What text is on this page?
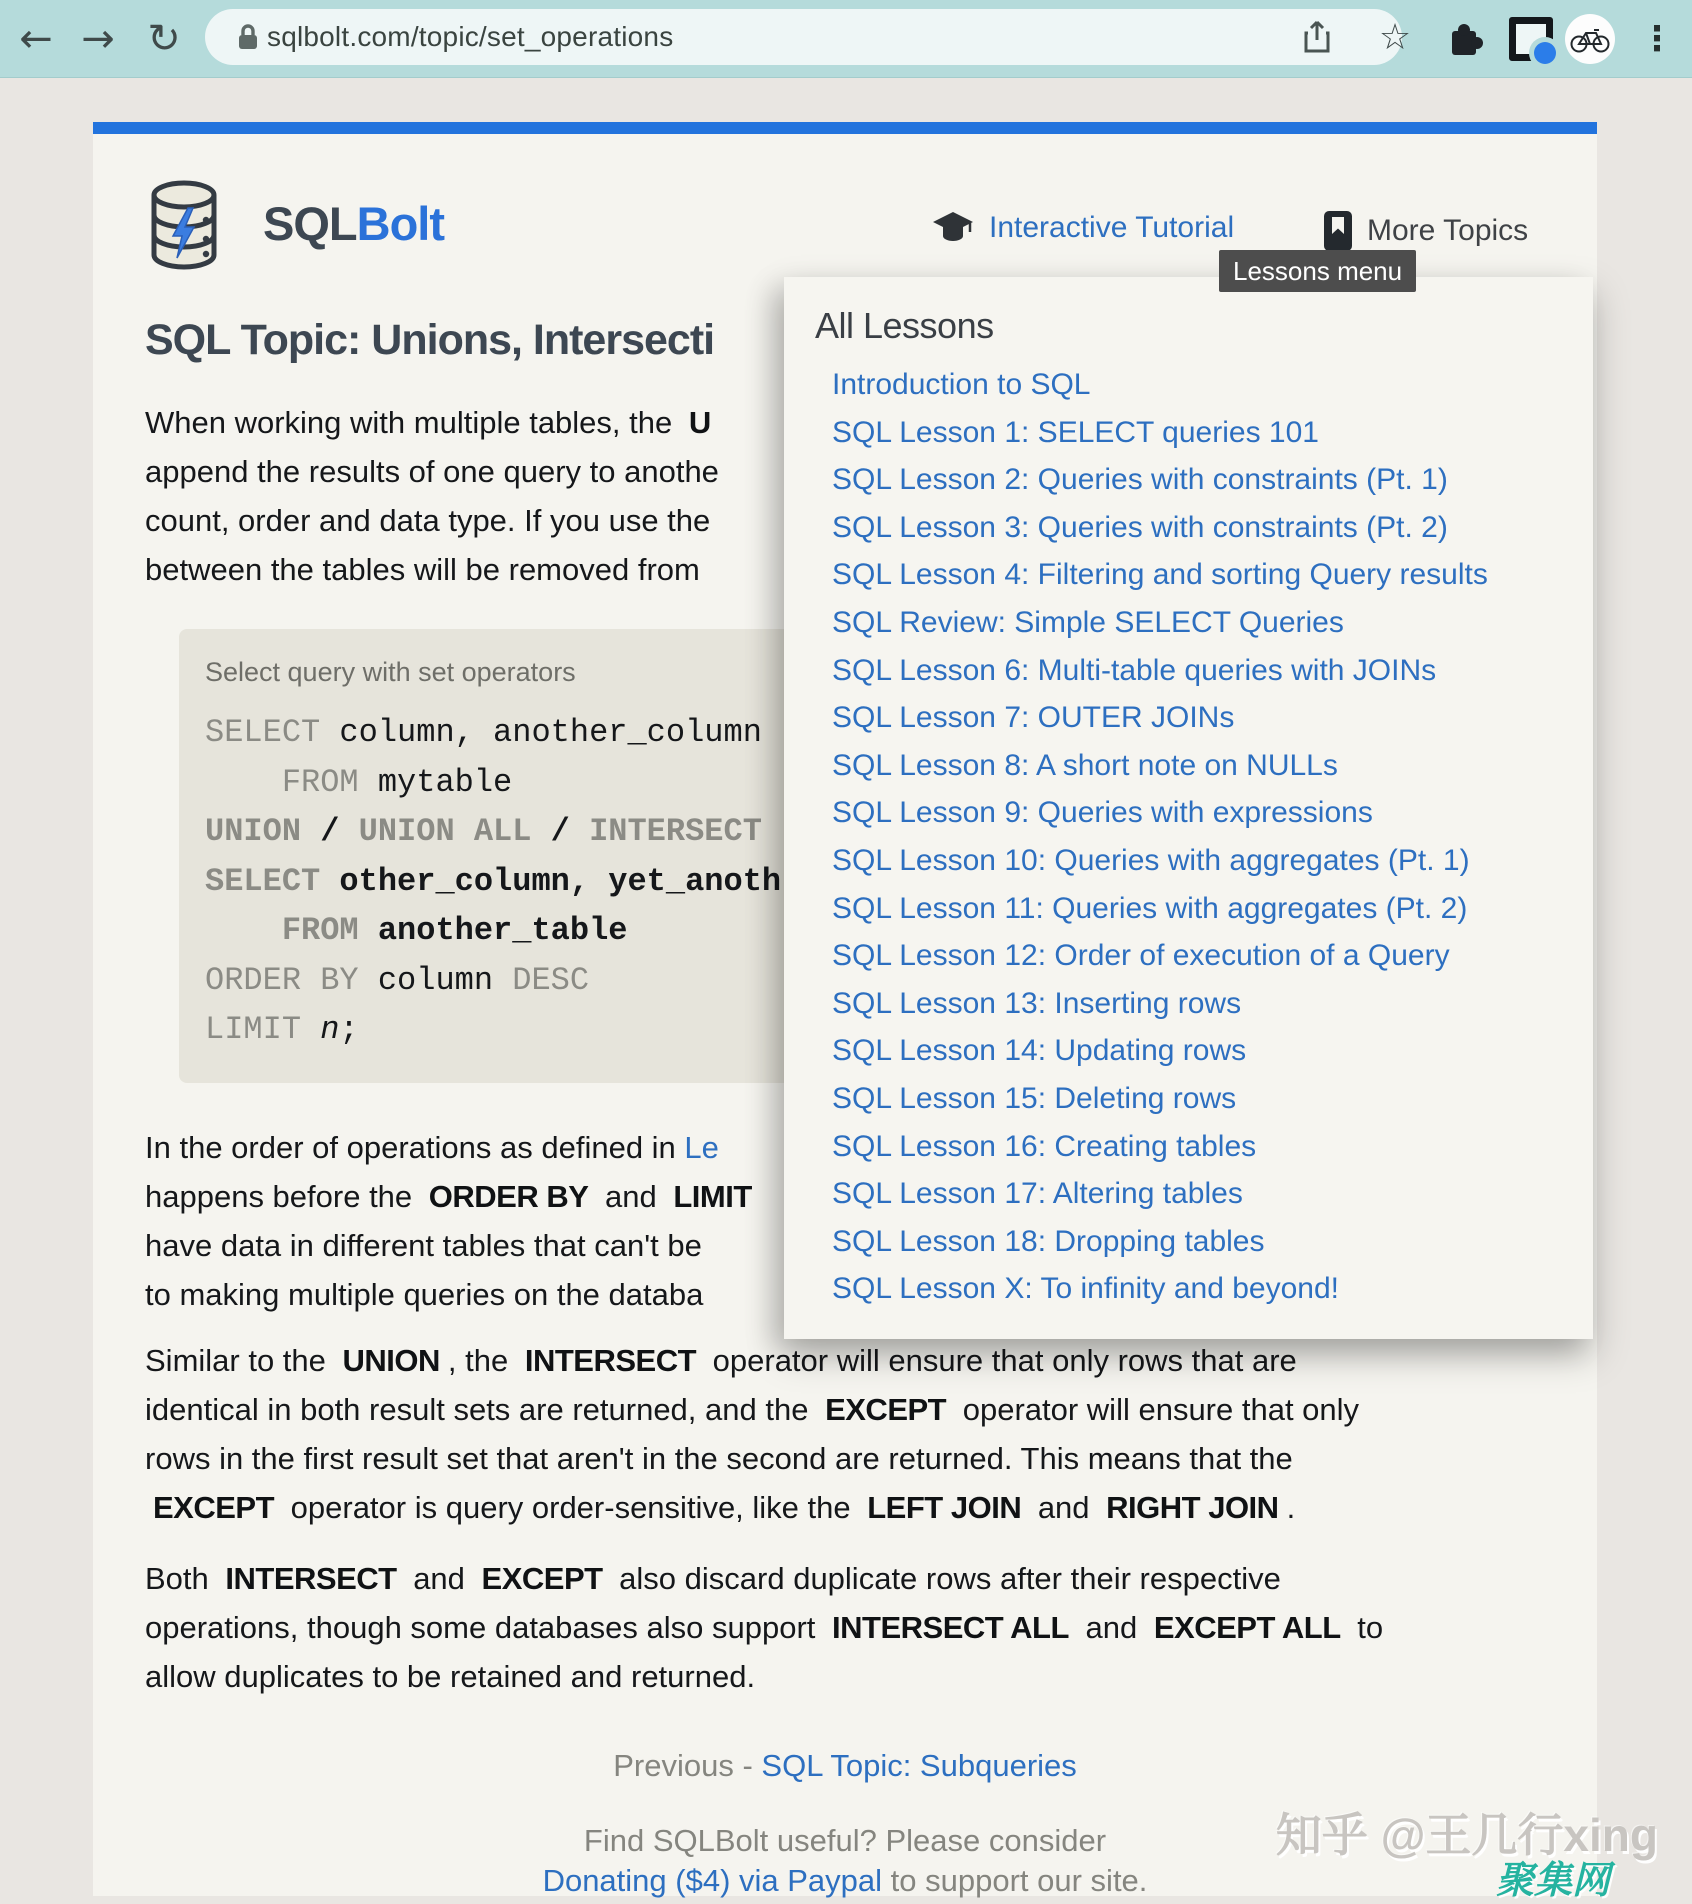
← → ↻	sqlbolt.com/topic/set_operations	☆	⋮
SQLBolt	Interactive Tutorial	More Topics
Lessons menu
SQL Topic: Unions, Intersecti
When working with multiple tables, the U
append the results of one query to anothe
count, order and data type. If you use the
between the tables will be removed from
Select query with set operators
SELECT column, another_column
FROM mytable
UNION / UNION ALL / INTERSECT
SELECT other_column, yet_anoth
FROM another_table
ORDER BY column DESC
LIMIT n;
In the order of operations as defined in Le
happens before the ORDER BY and LIMIT
have data in different tables that can't be
to making multiple queries on the databa
Similar to the UNION , the INTERSECT operator will ensure that only rows that are
identical in both result sets are returned, and the EXCEPT operator will ensure that only
rows in the first result set that aren't in the second are returned. This means that the
EXCEPT operator is query order-sensitive, like the LEFT JOIN and RIGHT JOIN .
Both INTERSECT and EXCEPT also discard duplicate rows after their respective
operations, though some databases also support INTERSECT ALL and EXCEPT ALL to
allow duplicates to be retained and returned.
Previous - SQL Topic: Subqueries
Find SQLBolt useful? Please consider
Donating ($4) via Paypal to support our site.
All Lessons
Introduction to SQL
SQL Lesson 1: SELECT queries 101
SQL Lesson 2: Queries with constraints (Pt. 1)
SQL Lesson 3: Queries with constraints (Pt. 2)
SQL Lesson 4: Filtering and sorting Query results
SQL Review: Simple SELECT Queries
SQL Lesson 6: Multi-table queries with JOINs
SQL Lesson 7: OUTER JOINs
SQL Lesson 8: A short note on NULLs
SQL Lesson 9: Queries with expressions
SQL Lesson 10: Queries with aggregates (Pt. 1)
SQL Lesson 11: Queries with aggregates (Pt. 2)
SQL Lesson 12: Order of execution of a Query
SQL Lesson 13: Inserting rows
SQL Lesson 14: Updating rows
SQL Lesson 15: Deleting rows
SQL Lesson 16: Creating tables
SQL Lesson 17: Altering tables
SQL Lesson 18: Dropping tables
SQL Lesson X: To infinity and beyond!
知乎 @王几行xing
聚集网
